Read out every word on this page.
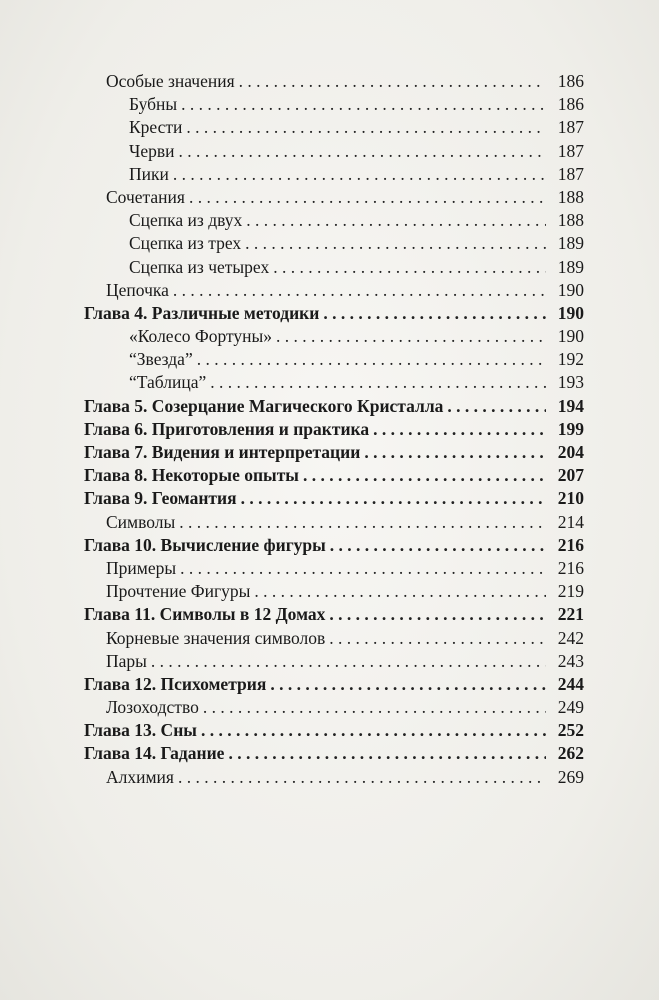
Особые значения . . .	186
Бубны . . .	186
Крести . . .	187
Черви . . .	187
Пики . . .	187
Сочетания . . .	188
Сцепка из двух . . .	188
Сцепка из трех . . .	189
Сцепка из четырех . . .	189
Цепочка . . .	190
Глава 4. Различные методики . . .	190
«Колесо Фортуны» . . .	190
“Звезда” . . .	192
“Таблица” . . .	193
Глава 5. Созерцание Магического Кристалла . . .	194
Глава 6. Приготовления и практика . . .	199
Глава 7. Видения и интерпретации . . .	204
Глава 8. Некоторые опыты . . .	207
Глава 9. Геомантия . . .	210
Символы . . .	214
Глава 10. Вычисление фигуры . . .	216
Примеры . . .	216
Прочтение Фигуры . . .	219
Глава 11. Символы в 12 Домах . . .	221
Корневые значения символов . . .	242
Пары . . .	243
Глава 12. Психометрия . . .	244
Лозоходство . . .	249
Глава 13. Сны . . .	252
Глава 14. Гадание . . .	262
Алхимия . . .	269
